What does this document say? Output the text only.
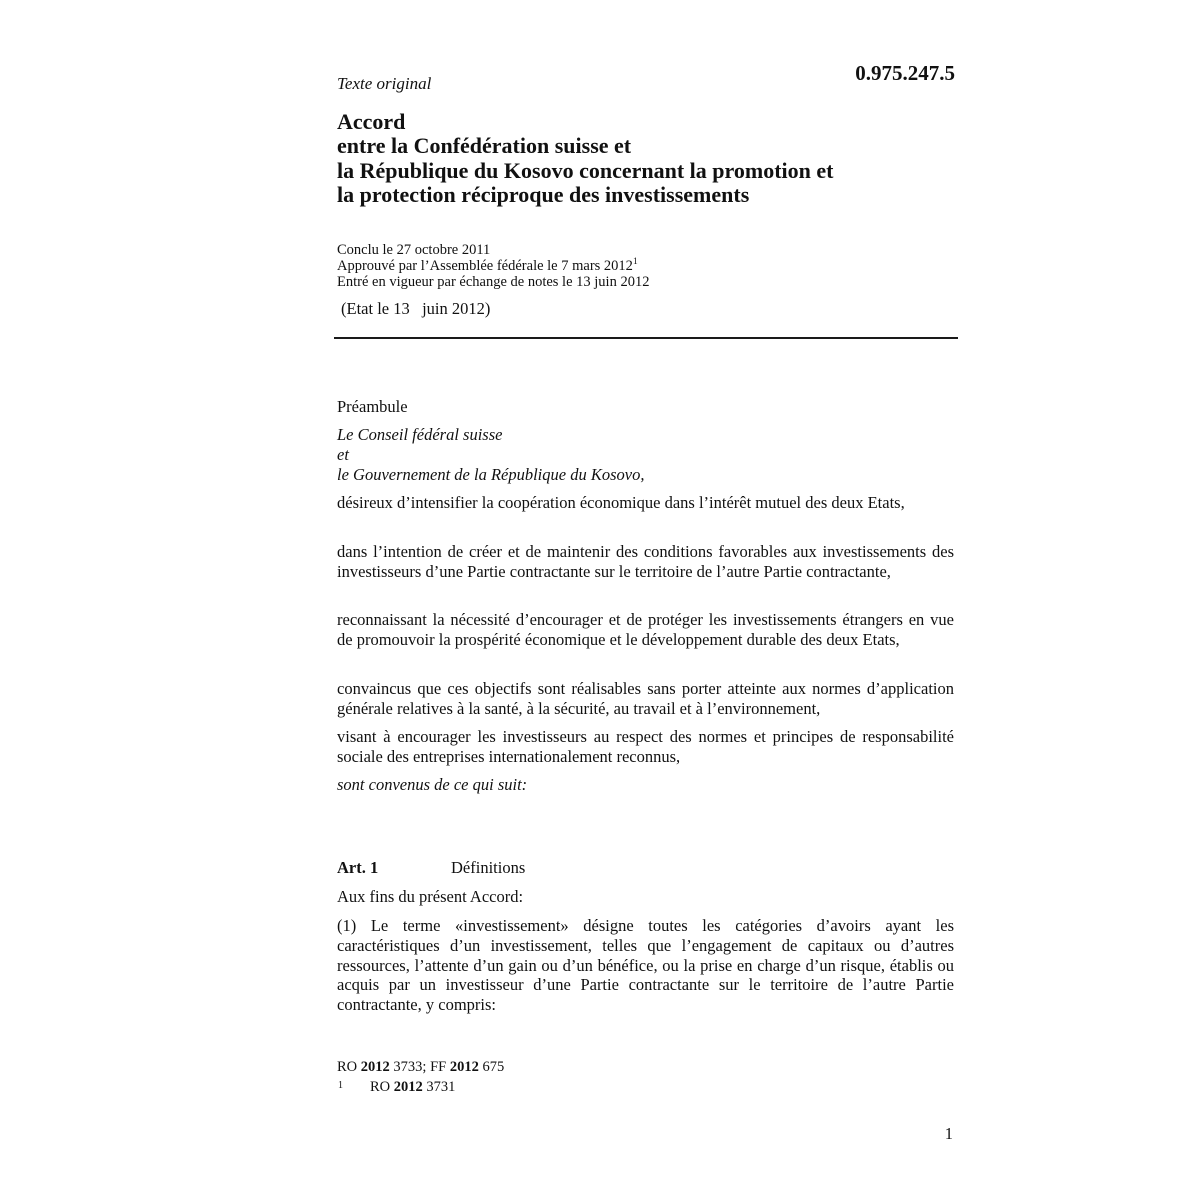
0.975.247.5
Texte original
Accord
entre la Confédération suisse et
la République du Kosovo concernant la promotion et
la protection réciproque des investissements
Conclu le 27 octobre 2011
Approuvé par l’Assemblée fédérale le 7 mars 2012$^1$
Entré en vigueur par échange de notes le 13 juin 2012
(Etat le 13   juin 2012)
Préambule
Le Conseil fédéral suisse
et
le Gouvernement de la République du Kosovo,
désireux d’intensifier la coopération économique dans l’intérêt mutuel des deux Etats,
dans l’intention de créer et de maintenir des conditions favorables aux investissements des investisseurs d’une Partie contractante sur le territoire de l’autre Partie contractante,
reconnaissant la nécessité d’encourager et de protéger les investissements étrangers en vue de promouvoir la prospérité économique et le développement durable des deux Etats,
convaincus que ces objectifs sont réalisables sans porter atteinte aux normes d’application générale relatives à la santé, à la sécurité, au travail et à l’environnement,
visant à encourager les investisseurs au respect des normes et principes de responsabilité sociale des entreprises internationalement reconnus,
sont convenus de ce qui suit:
Art. 1	Définitions
Aux fins du présent Accord:
(1) Le terme «investissement» désigne toutes les catégories d’avoirs ayant les caractéristiques d’un investissement, telles que l’engagement de capitaux ou d’autres ressources, l’attente d’un gain ou d’un bénéfice, ou la prise en charge d’un risque, établis ou acquis par un investisseur d’une Partie contractante sur le territoire de l’autre Partie contractante, y compris:
RO 2012 3733; FF 2012 675
1 RO 2012 3731
1
